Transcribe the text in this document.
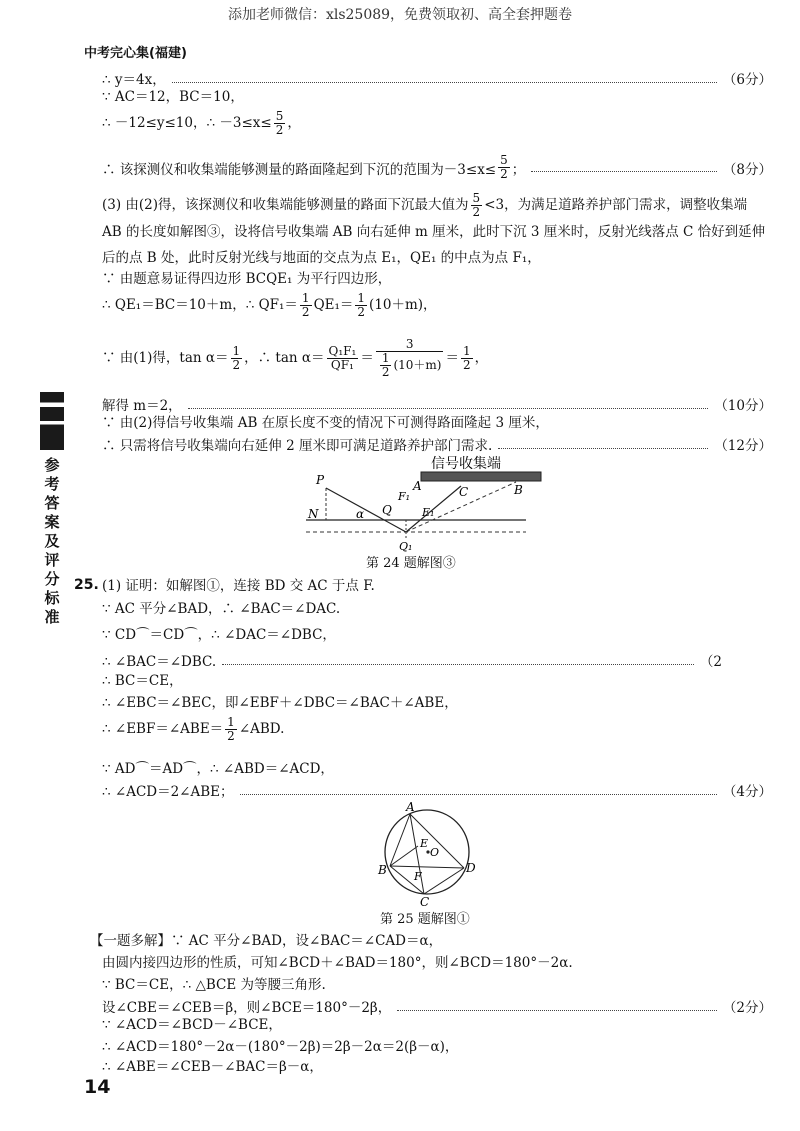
添加老师微信：xls25089，免费领取初、高全套押题卷
中考完心集(福建)
参
考
答
案
及
评
分
标
准
∴ y＝4x，	（6分）
∵ AC＝12，BC＝10，
∴ －12≤y≤10，∴ $-3\le x\le \frac{5}{2}$ ，
∴ 该探测仪和收集端能够测量的路面隆起到下沉的范围为$-3\le x\le \frac{5}{2}$ ；	（8分）
(3) 由(2)得，该探测仪和收集端能够测量的路面下沉最大值为 $\frac{5}{2} <3$，为满足道路养护部门需求，调整收集端 AB 的长度如解图③，设将信号收集端 AB 向右延伸 m 厘米，此时下沉 3 厘米时，反射光线落点 C 恰好到延伸后的点 B 处，此时反射光线与地面的交点为点 E₁，QE₁ 的中点为点 F₁，
∵ 由题意易证得四边形 BCQE₁ 为平行四边形，
∴ QE₁＝BC＝10＋m，∴ $QF_1= \frac{1}{2} QE_1= \frac{1}{2} (10+m)$，
∵ 由(1)得，$\tan \alpha= \frac{1}{2}$ ，∴ $\tan \alpha= \frac{\text{Q₁F₁}}{\text{QF₁}} = \frac{3}{\frac{1}{2} (10+m)} = \frac{1}{2}$ ，
解得 m＝2，	（10分）
∵ 由(2)得信号收集端 AB 在原长度不变的情况下可测得路面隆起 3 厘米，
∴ 只需将信号收集端向右延伸 2 厘米即可满足道路养护部门需求.	（12分）
信号收集端
P
N	α Q
F₁
A
E₁
C	B
Q₁
第 24 题解图③
25. (1) 证明：如解图①，连接 BD 交 AC 于点 F.
∵ AC 平分∠BAD，∴ ∠BAC＝∠DAC.
∵ CD⌒＝CD⌒，∴ ∠DAC＝∠DBC，
∴ ∠BAC＝∠DBC.	（2
∴ BC＝CE，
∴ ∠EBC＝∠BEC，即∠EBF＋∠DBC＝∠BAC＋∠ABE，
∴ ∠EBF＝∠ABE＝ $\frac{1}{2}$ ∠ABD.
∵ AD⌒＝AD⌒，∴ ∠ABD＝∠ACD，
∴ ∠ACD＝2∠ABE；	（4分）
A
B
C
D
E
O
F
第 25 题解图①
【一题多解】∵ AC 平分∠BAD，设∠BAC＝∠CAD＝α，
由圆内接四边形的性质，可知∠BCD＋∠BAD＝180°，则∠BCD＝180°－2α.
∵ BC＝CE，∴ △BCE 为等腰三角形.
设∠CBE＝∠CEB＝β，则∠BCE＝180°－2β，	（2分）
∵ ∠ACD＝∠BCD－∠BCE，
∴ ∠ACD＝180°－2α－(180°－2β)＝2β－2α＝2(β－α)，
∴ ∠ABE＝∠CEB－∠BAC＝β－α，
14
